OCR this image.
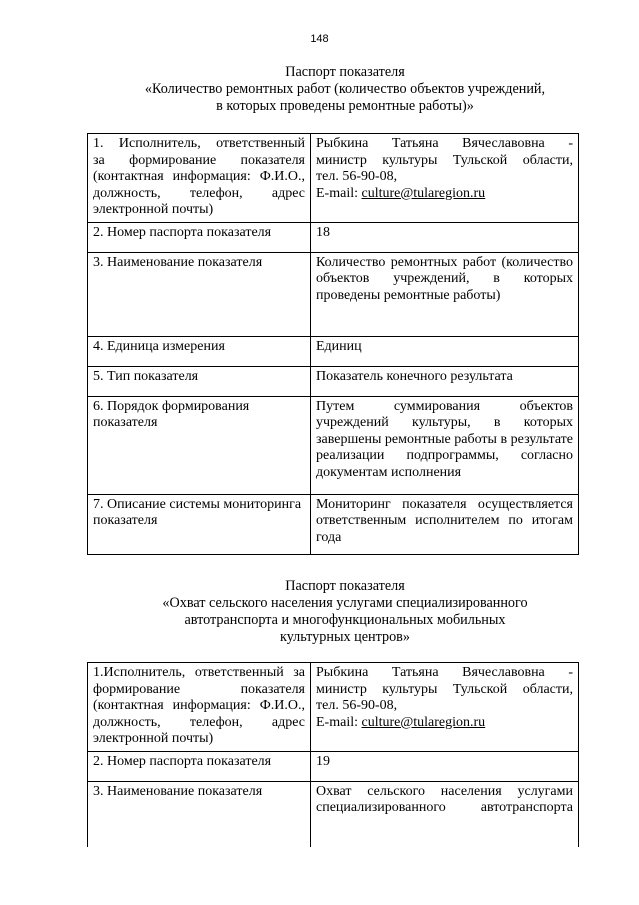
148
Паспорт показателя
«Количество ремонтных работ (количество объектов учреждений,
в которых проведены ремонтные работы)»
1. Исполнитель, ответственный
за формирование показателя
(контактная информация: Ф.И.О.,
должность, телефон, адрес
электронной почты)	Рыбкина Татьяна Вячеславовна -
министр культуры Тульской области,
тел. 56-90-08,
E-mail: culture@tularegion.ru

2. Номер паспорта показателя	18
3. Наименование показателя	Количество ремонтных работ (количество объектов учреждений, в которых проведены ремонтные работы)
4. Единица измерения	Единиц
5. Тип показателя	Показатель конечного результата
6. Порядок формирования показателя	Путем суммирования объектов учреждений культуры, в которых завершены ремонтные работы в результате реализации подпрограммы, согласно документам исполнения
7. Описание системы мониторинга показателя	Мониторинг показателя осуществляется ответственным исполнителем по итогам года
Паспорт показателя
«Охват сельского населения услугами специализированного
автотранспорта и многофункциональных мобильных
культурных центров»
1.Исполнитель, ответственный за
формирование показателя
(контактная информация: Ф.И.О.,
должность, телефон, адрес
электронной почты)	Рыбкина Татьяна Вячеславовна -
министр культуры Тульской области,
тел. 56-90-08,
E-mail: culture@tularegion.ru

2. Номер паспорта показателя	19
3. Наименование показателя	Охват сельского населения услугами
специализированного автотранспорта
